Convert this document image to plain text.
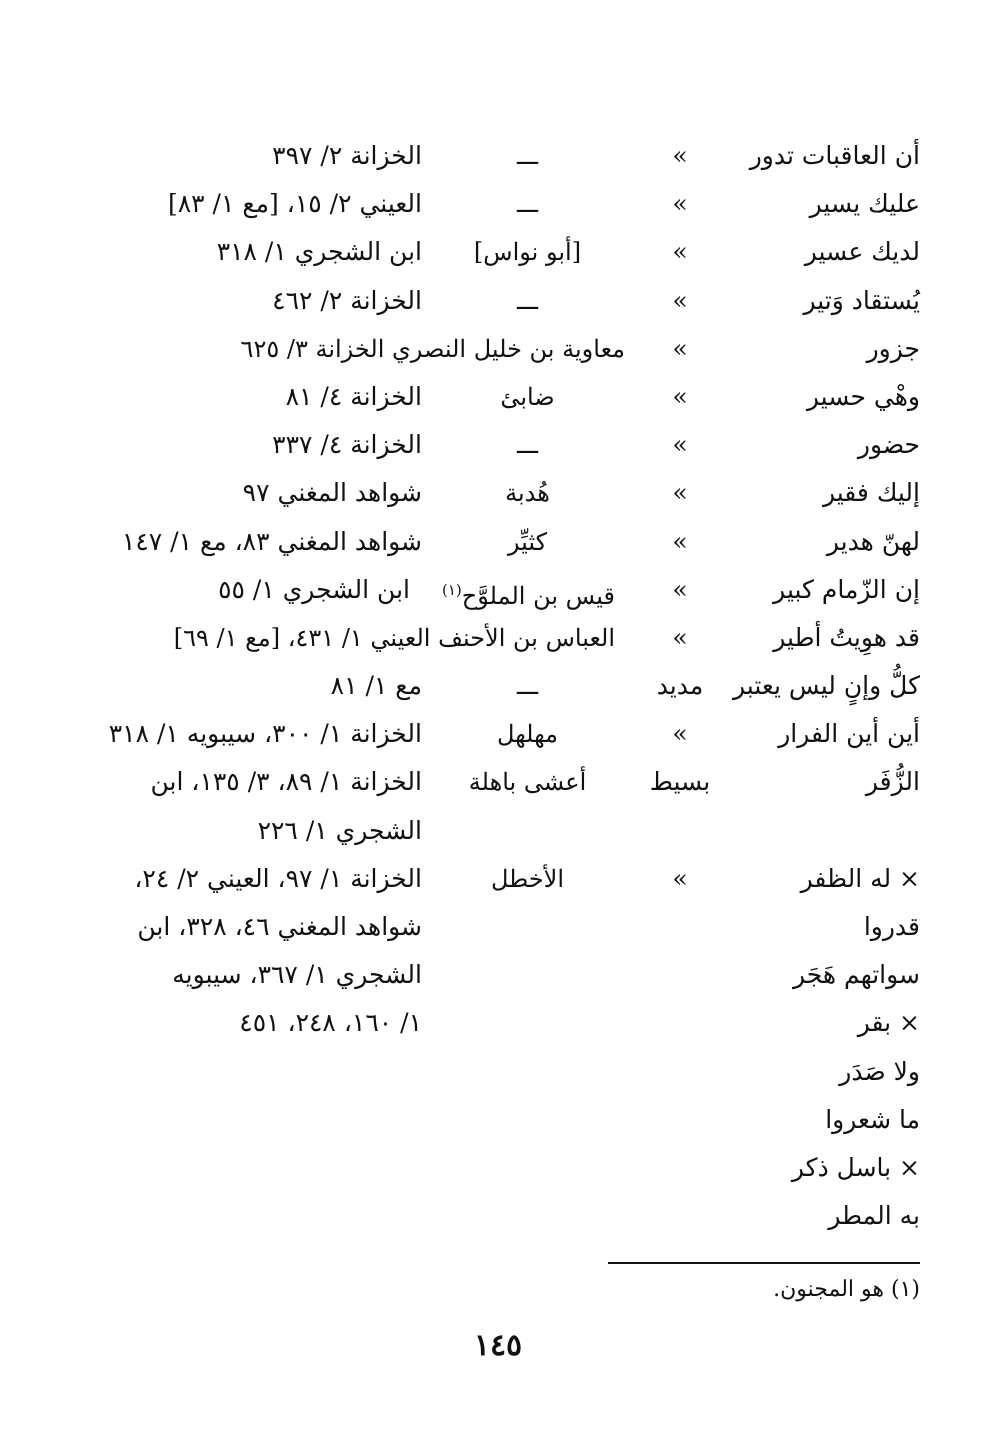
أن العاقبات تدور
»
ـــ
الخزانة ٢/ ٣٩٧
عليك يسير
»
ـــ
العيني ٢/ ١٥، [مع ١/ ٨٣]
لديك عسير
»
[أبو نواس]
ابن الشجري ١/ ٣١٨
يُستقاد وَتير
»
ـــ
الخزانة ٢/ ٤٦٢
جزور
»
معاوية بن خليل النصري الخزانة ٣/ ٦٢٥
وهْي حسير
»
ضابئ
الخزانة ٤/ ٨١
حضور
»
ـــ
الخزانة ٤/ ٣٣٧
إليك فقير
»
هُدبة
شواهد المغني ٩٧
لهنّ هدير
»
كثيِّر
شواهد المغني ٨٣، مع ١/ ١٤٧
إن الزّمام كبير
»
قيس بن الملوَّح$^{(١)}$
ابن الشجري ١/ ٥٥
قد هوِيتُ أطير
»
العباس بن الأحنف العيني ١/ ٤٣١، [مع ١/ ٦٩]
كلُّ وإنٍ ليس يعتبر
مديد
ـــ
مع ١/ ٨١
أين أين الفرار
»
مهلهل
الخزانة ١/ ٣٠٠، سيبويه ١/ ٣١٨
الزُّفَر
بسيط
أعشى باهلة
الخزانة ١/ ٨٩، ٣/ ١٣٥، ابن
الشجري ١/ ٢٢٦
× له الظفر
قدروا
سواتهم هَجَر
× بقر
ولا صَدَر
ما شعروا
× باسل ذكر
به المطر
»
الأخطل
الخزانة ١/ ٩٧، العيني ٢/ ٢٤،
شواهد المغني ٤٦، ٣٢٨، ابن
الشجري ١/ ٣٦٧، سيبويه
١/ ١٦٠، ٢٤٨، ٤٥١
(١) هو المجنون.
١٤٥
